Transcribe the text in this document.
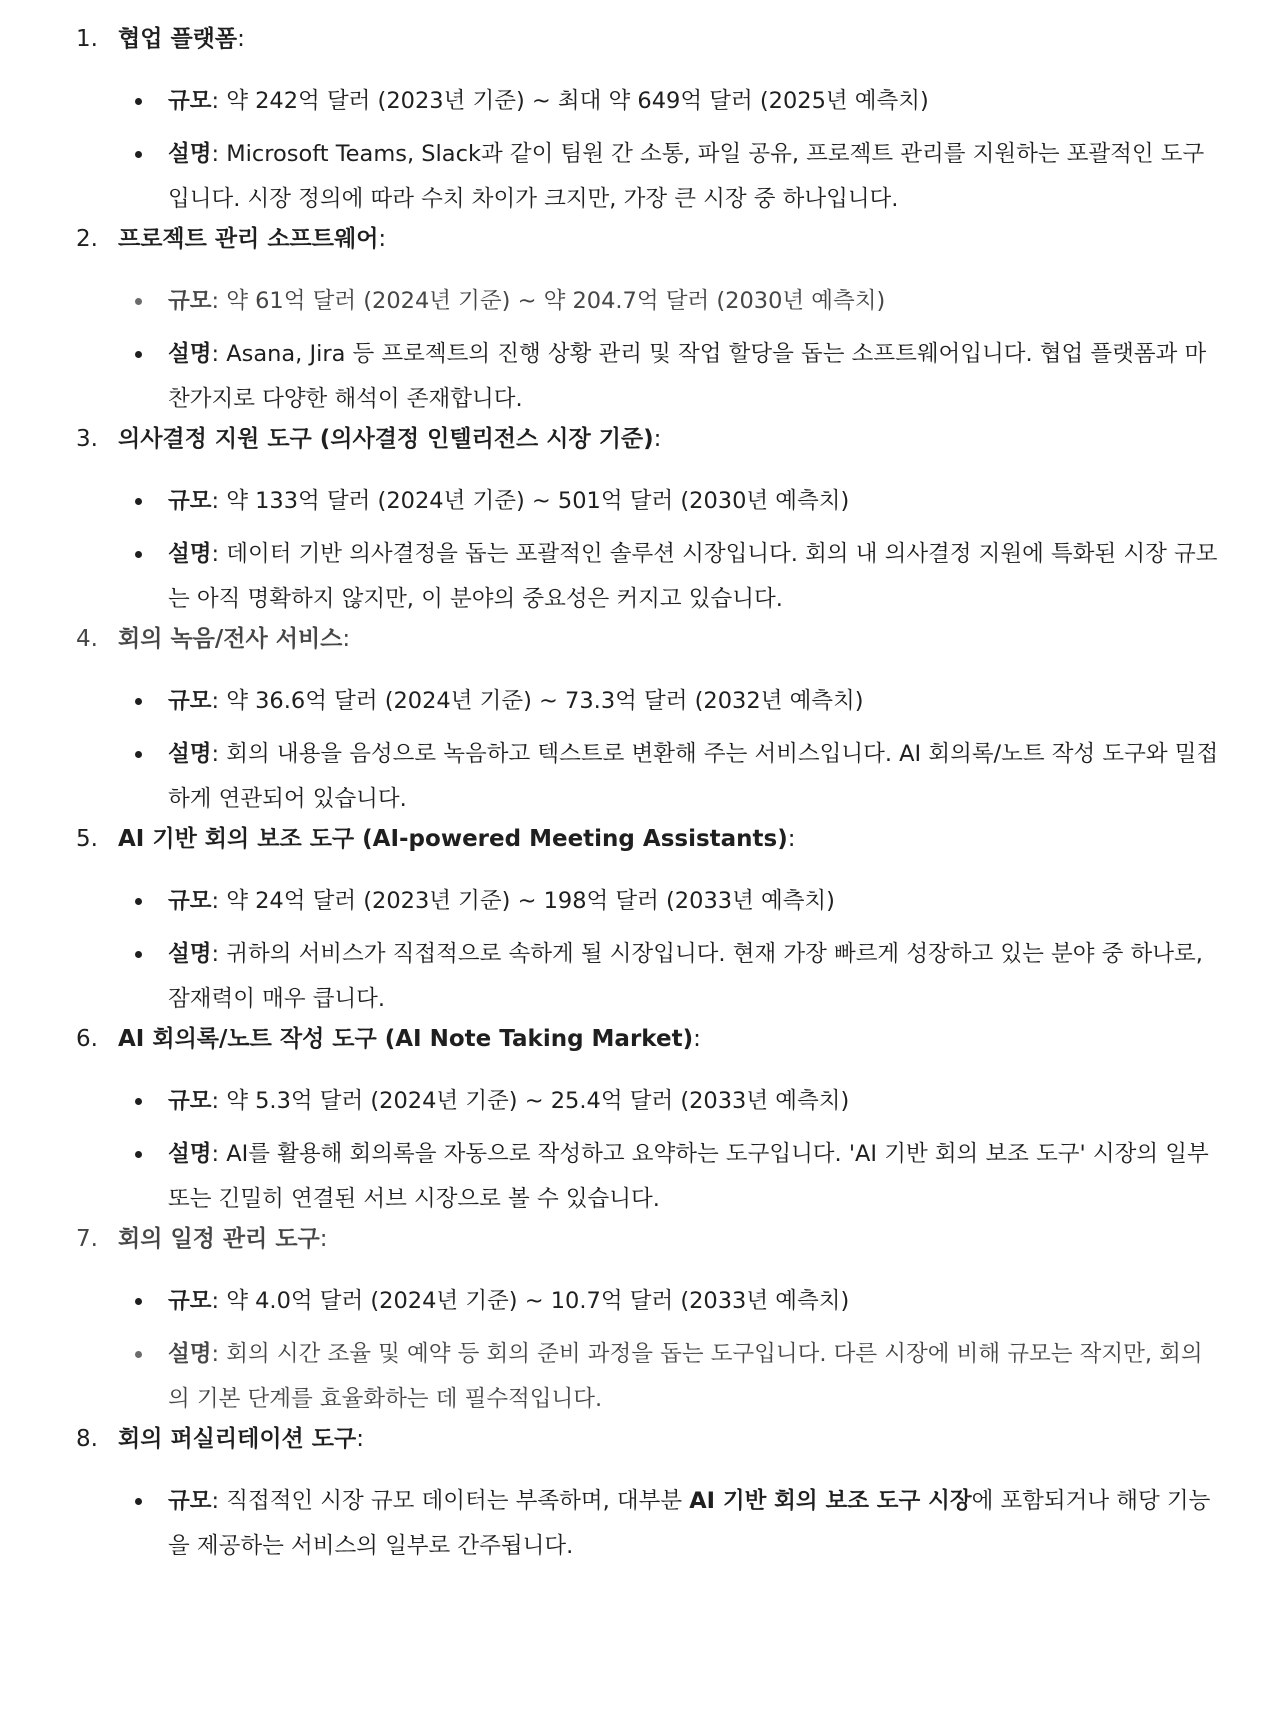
1. 협업 플랫폼:
규모: 약 242억 달러 (2023년 기준) ~ 최대 약 649억 달러 (2025년 예측치)
설명: Microsoft Teams, Slack과 같이 팀원 간 소통, 파일 공유, 프로젝트 관리를 지원하는 포괄적인 도구입니다. 시장 정의에 따라 수치 차이가 크지만, 가장 큰 시장 중 하나입니다.
2. 프로젝트 관리 소프트웨어:
규모: 약 61억 달러 (2024년 기준) ~ 약 204.7억 달러 (2030년 예측치)
설명: Asana, Jira 등 프로젝트의 진행 상황 관리 및 작업 할당을 돕는 소프트웨어입니다. 협업 플랫폼과 마찬가지로 다양한 해석이 존재합니다.
3. 의사결정 지원 도구 (의사결정 인텔리전스 시장 기준):
규모: 약 133억 달러 (2024년 기준) ~ 501억 달러 (2030년 예측치)
설명: 데이터 기반 의사결정을 돕는 포괄적인 솔루션 시장입니다. 회의 내 의사결정 지원에 특화된 시장 규모는 아직 명확하지 않지만, 이 분야의 중요성은 커지고 있습니다.
4. 회의 녹음/전사 서비스:
규모: 약 36.6억 달러 (2024년 기준) ~ 73.3억 달러 (2032년 예측치)
설명: 회의 내용을 음성으로 녹음하고 텍스트로 변환해 주는 서비스입니다. AI 회의록/노트 작성 도구와 밀접하게 연관되어 있습니다.
5. AI 기반 회의 보조 도구 (AI-powered Meeting Assistants):
규모: 약 24억 달러 (2023년 기준) ~ 198억 달러 (2033년 예측치)
설명: 귀하의 서비스가 직접적으로 속하게 될 시장입니다. 현재 가장 빠르게 성장하고 있는 분야 중 하나로, 잠재력이 매우 큽니다.
6. AI 회의록/노트 작성 도구 (AI Note Taking Market):
규모: 약 5.3억 달러 (2024년 기준) ~ 25.4억 달러 (2033년 예측치)
설명: AI를 활용해 회의록을 자동으로 작성하고 요약하는 도구입니다. 'AI 기반 회의 보조 도구' 시장의 일부 또는 긴밀히 연결된 서브 시장으로 볼 수 있습니다.
7. 회의 일정 관리 도구:
규모: 약 4.0억 달러 (2024년 기준) ~ 10.7억 달러 (2033년 예측치)
설명: 회의 시간 조율 및 예약 등 회의 준비 과정을 돕는 도구입니다. 다른 시장에 비해 규모는 작지만, 회의의 기본 단계를 효율화하는 데 필수적입니다.
8. 회의 퍼실리테이션 도구:
규모: 직접적인 시장 규모 데이터는 부족하며, 대부분 AI 기반 회의 보조 도구 시장에 포함되거나 해당 기능을 제공하는 서비스의 일부로 간주됩니다.
